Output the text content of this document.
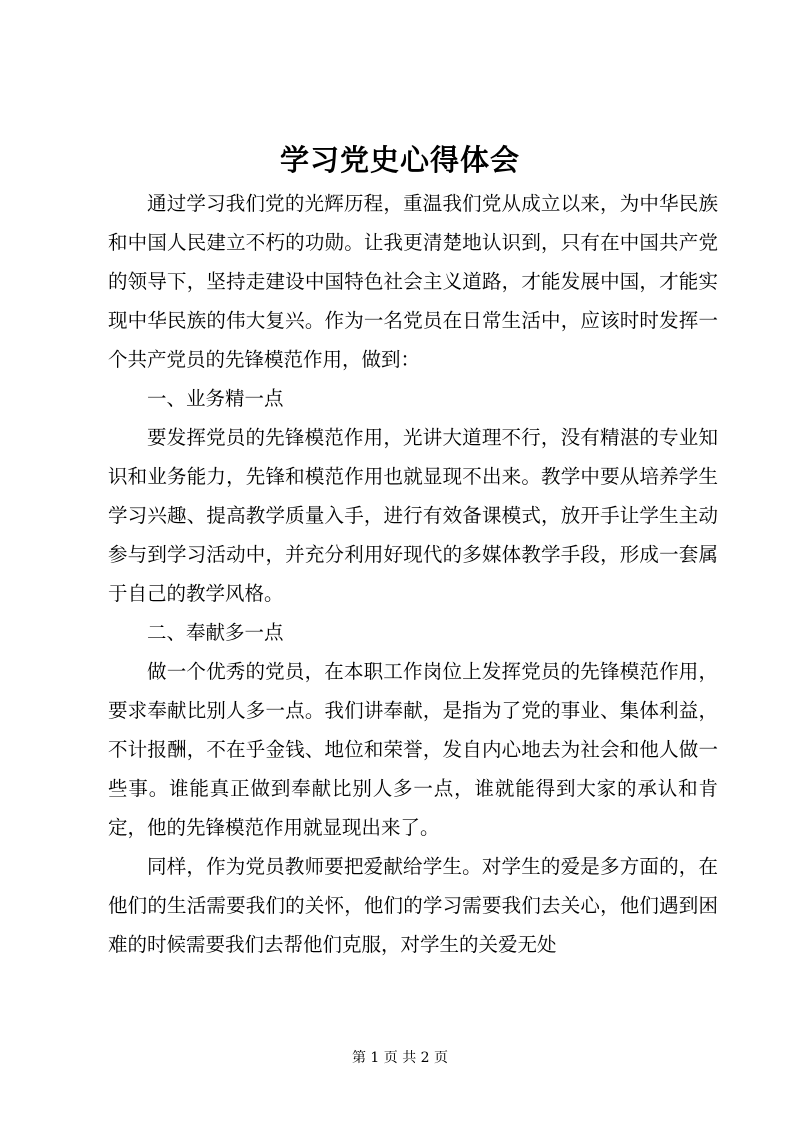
学习党史心得体会

通过学习我们党的光辉历程，重温我们党从成立以来，为中华民族和中国人民建立不朽的功勋。让我更清楚地认识到，只有在中国共产党的领导下，坚持走建设中国特色社会主义道路，才能发展中国，才能实现中华民族的伟大复兴。作为一名党员在日常生活中，应该时时发挥一个共产党员的先锋模范作用，做到：

一、业务精一点

要发挥党员的先锋模范作用，光讲大道理不行，没有精湛的专业知识和业务能力，先锋和模范作用也就显现不出来。教学中要从培养学生学习兴趣、提高教学质量入手，进行有效备课模式，放开手让学生主动参与到学习活动中，并充分利用好现代的多媒体教学手段，形成一套属于自己的教学风格。

二、奉献多一点

做一个优秀的党员，在本职工作岗位上发挥党员的先锋模范作用，要求奉献比别人多一点。我们讲奉献，是指为了党的事业、集体利益，不计报酬，不在乎金钱、地位和荣誉，发自内心地去为社会和他人做一些事。谁能真正做到奉献比别人多一点，谁就能得到大家的承认和肯定，他的先锋模范作用就显现出来了。

同样，作为党员教师要把爱献给学生。对学生的爱是多方面的，在他们的生活需要我们的关怀，他们的学习需要我们去关心，他们遇到困难的时候需要我们去帮他们克服，对学生的关爱无处

第 1 页 共 2 页
